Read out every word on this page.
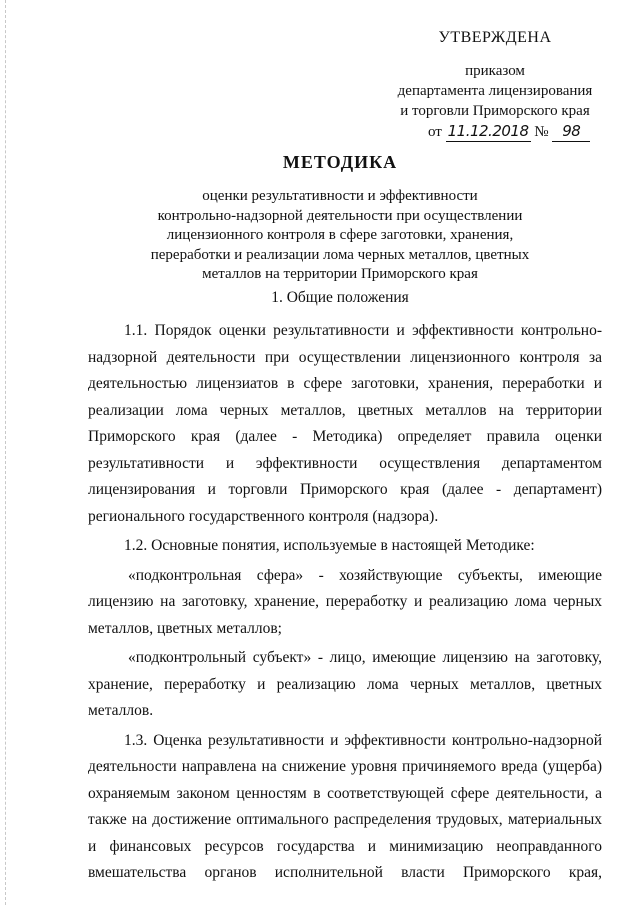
УТВЕРЖДЕНА
приказом
департамента лицензирования
и торговли Приморского края
от 11.12.2018 № 98
МЕТОДИКА
оценки результативности и эффективности
контрольно-надзорной деятельности при осуществлении
лицензионного контроля в сфере заготовки, хранения,
переработки и реализации лома черных металлов, цветных
металлов на территории Приморского края
1. Общие положения

1.1. Порядок оценки результативности и эффективности контрольно-надзорной деятельности при осуществлении лицензионного контроля за деятельностью лицензиатов в сфере заготовки, хранения, переработки и реализации лома черных металлов, цветных металлов на территории Приморского края (далее - Методика) определяет правила оценки результативности и эффективности осуществления департаментом лицензирования и торговли Приморского края (далее - департамент) регионального государственного контроля (надзора).

1.2. Основные понятия, используемые в настоящей Методике:

«подконтрольная сфера» - хозяйствующие субъекты, имеющие лицензию на заготовку, хранение, переработку и реализацию лома черных металлов, цветных металлов;

«подконтрольный субъект» - лицо, имеющие лицензию на заготовку, хранение, переработку и реализацию лома черных металлов, цветных металлов.

1.3. Оценка результативности и эффективности контрольно-надзорной деятельности направлена на снижение уровня причиняемого вреда (ущерба) охраняемым законом ценностям в соответствующей сфере деятельности, а также на достижение оптимального распределения трудовых, материальных и финансовых ресурсов государства и минимизацию неоправданного вмешательства органов исполнительной власти Приморского края,
